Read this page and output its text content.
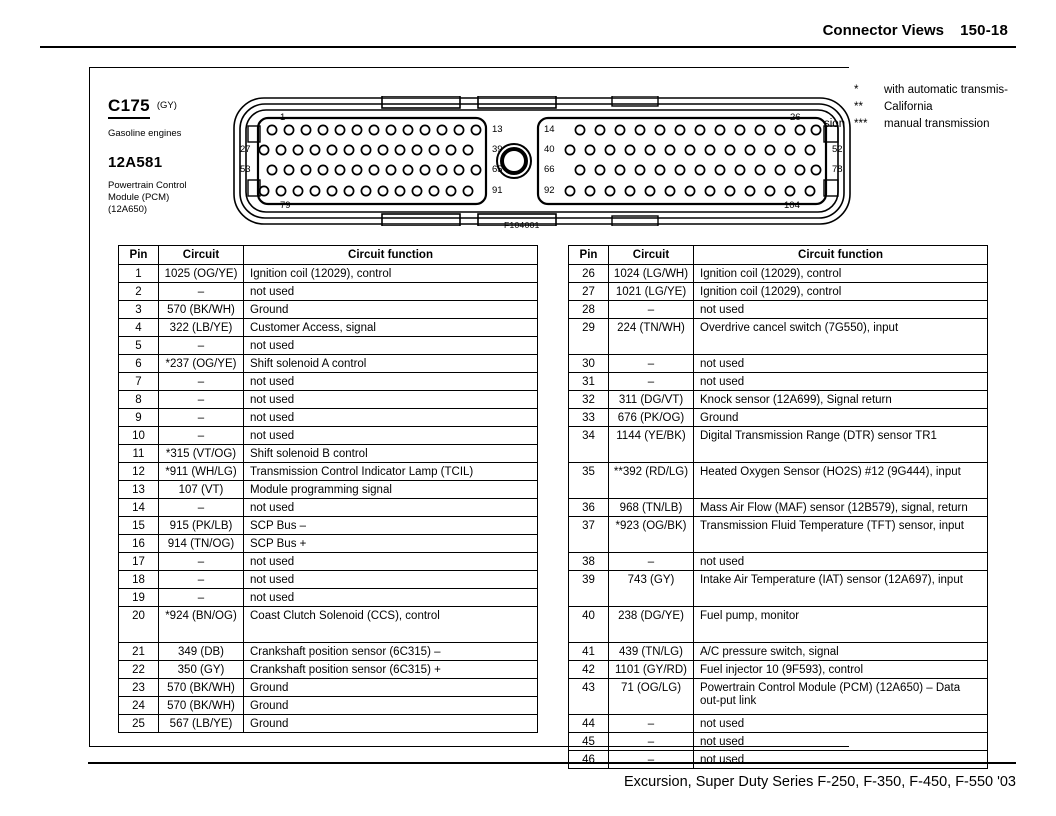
Connector Views 150-18
C175 (GY)
Gasoline engines
12A581
Powertrain Control
Module (PCM)
(12A650)
*	with automatic transmis-
sion
**	California
***	manual transmission
1	26
27
53
13
39
65
91
14
40
66
92
52
78
79	104
F104001
Pin	Circuit	Circuit function
1	1025 (OG/YE)	Ignition coil (12029), control
2	–	not used
3	570 (BK/WH)	Ground
4	322 (LB/YE)	Customer Access, signal
5	–	not used
6	*237 (OG/YE)	Shift solenoid A control
7	–	not used
8	–	not used
9	–	not used
10	–	not used
11	*315 (VT/OG)	Shift solenoid B control
12	*911 (WH/LG)	Transmission Control Indicator Lamp (TCIL)
13	107 (VT)	Module programming signal
14	–	not used
15	915 (PK/LB)	SCP Bus –
16	914 (TN/OG)	SCP Bus +
17	–	not used
18	–	not used
19	–	not used
20	*924 (BN/OG)	Coast Clutch Solenoid (CCS), control
21	349 (DB)	Crankshaft position sensor (6C315) –
22	350 (GY)	Crankshaft position sensor (6C315) +
23	570 (BK/WH)	Ground
24	570 (BK/WH)	Ground
25	567 (LB/YE)	Ground
Pin	Circuit	Circuit function
26	1024 (LG/WH)	Ignition coil (12029), control
27	1021 (LG/YE)	Ignition coil (12029), control
28	–	not used
29	224 (TN/WH)	Overdrive cancel switch (7G550), input
30	–	not used
31	–	not used
32	311 (DG/VT)	Knock sensor (12A699), Signal return
33	676 (PK/OG)	Ground
34	1144 (YE/BK)	Digital Transmission Range (DTR) sensor TR1
35	**392 (RD/LG)	Heated Oxygen Sensor (HO2S) #12 (9G444), input
36	968 (TN/LB)	Mass Air Flow (MAF) sensor (12B579), signal, return
37	*923 (OG/BK)	Transmission Fluid Temperature (TFT) sensor, input
38	–	not used
39	743 (GY)	Intake Air Temperature (IAT) sensor (12A697), input
40	238 (DG/YE)	Fuel pump, monitor
41	439 (TN/LG)	A/C pressure switch, signal
42	1101 (GY/RD)	Fuel injector 10 (9F593), control
43	71 (OG/LG)	Powertrain Control Module (PCM) (12A650) – Data out-put link
44	–	not used
45	–	not used
46	–	not used
Excursion, Super Duty Series F-250, F-350, F-450, F-550 '03
